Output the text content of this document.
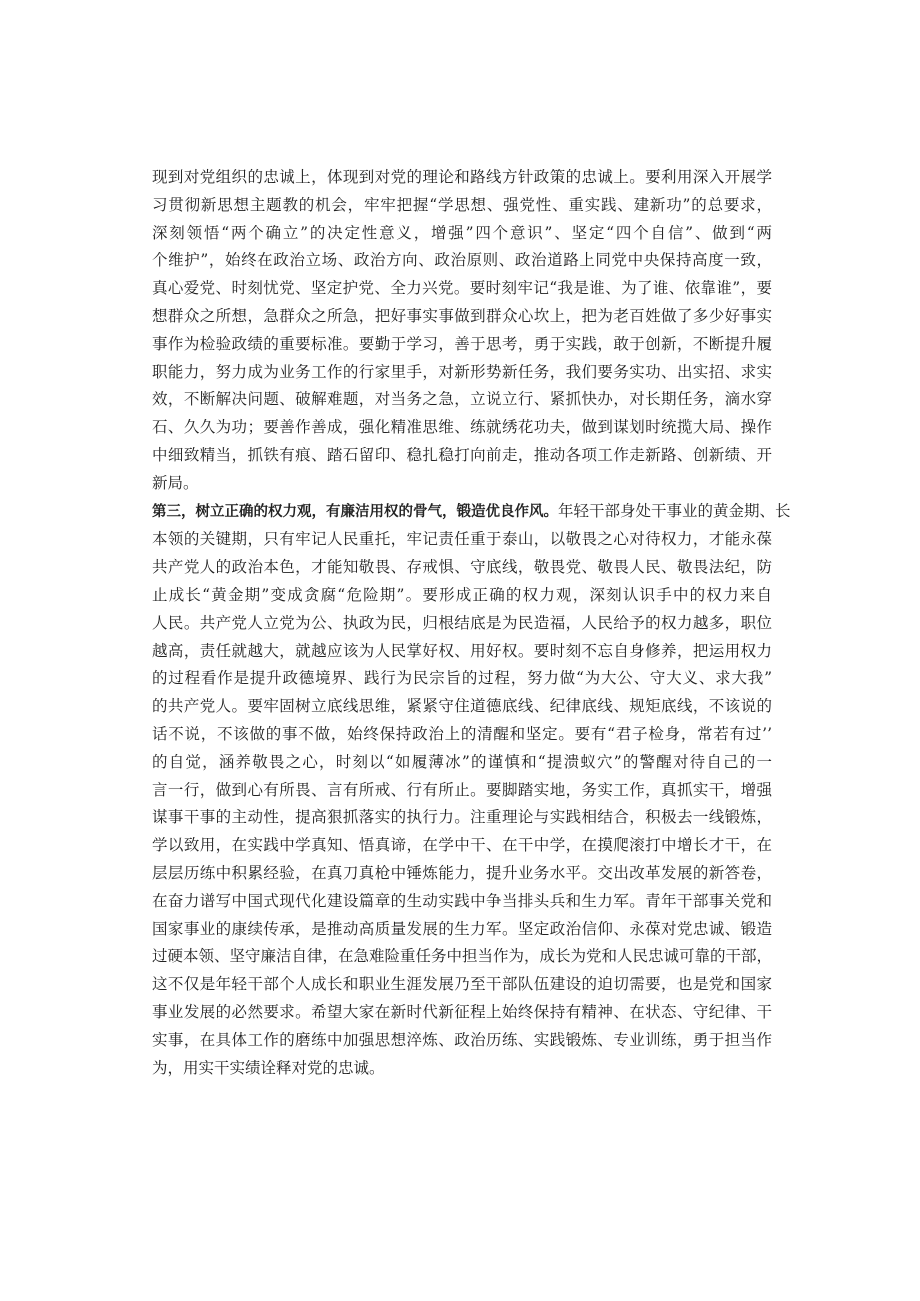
现到对党组织的忠诚上，体现到对党的理论和路线方针政策的忠诚上。要利用深入开展学
习贯彻新思想主题教的机会，牢牢把握“学思想、强党性、重实践、建新功”的总要求，
深刻领悟“两个确立”的决定性意义，增强”四个意识”、坚定“四个自信”、做到“两
个维护”，始终在政治立场、政治方向、政治原则、政治道路上同党中央保持高度一致，
真心爱党、时刻忧党、坚定护党、全力兴党。要时刻牢记“我是谁、为了谁、依靠谁”，要
想群众之所想，急群众之所急，把好事实事做到群众心坎上，把为老百姓做了多少好事实
事作为检验政绩的重要标准。要勤于学习，善于思考，勇于实践，敢于创新，不断提升履
职能力，努力成为业务工作的行家里手，对新形势新任务，我们要务实功、出实招、求实
效，不断解决问题、破解难题，对当务之急，立说立行、紧抓快办，对长期任务，滴水穿
石、久久为功；要善作善成，强化精准思维、练就绣花功夫，做到谋划时统揽大局、操作
中细致精当，抓铁有痕、踏石留印、稳扎稳打向前走，推动各项工作走新路、创新绩、开
新局。
第三，树立正确的权力观，有廉洁用权的骨气，锻造优良作风。年轻干部身处干事业的黄金期、长
本领的关键期，只有牢记人民重托，牢记责任重于泰山，以敬畏之心对待权力，才能永葆
共产党人的政治本色，才能知敬畏、存戒惧、守底线，敬畏党、敬畏人民、敬畏法纪，防
止成长“黄金期”变成贪腐“危险期”。要形成正确的权力观，深刻认识手中的权力来自
人民。共产党人立党为公、执政为民，归根结底是为民造福，人民给予的权力越多，职位
越高，责任就越大，就越应该为人民掌好权、用好权。要时刻不忘自身修养，把运用权力
的过程看作是提升政德境界、践行为民宗旨的过程，努力做“为大公、守大义、求大我”
的共产党人。要牢固树立底线思维，紧紧守住道德底线、纪律底线、规矩底线，不该说的
话不说，不该做的事不做，始终保持政治上的清醒和坚定。要有“君子检身，常若有过’’
的自觉，涵养敬畏之心，时刻以“如履薄冰”的谨慎和“提溃蚁穴”的警醒对待自己的一
言一行，做到心有所畏、言有所戒、行有所止。要脚踏实地，务实工作，真抓实干，增强
谋事干事的主动性，提高狠抓落实的执行力。注重理论与实践相结合，积极去一线锻炼，
学以致用，在实践中学真知、悟真谛，在学中干、在干中学，在摸爬滚打中增长才干，在
层层历练中积累经验，在真刀真枪中锤炼能力，提升业务水平。交出改革发展的新答卷，
在奋力谱写中国式现代化建设篇章的生动实践中争当排头兵和生力军。青年干部事关党和
国家事业的康续传承，是推动高质量发展的生力军。坚定政治信仰、永葆对党忠诚、锻造
过硬本领、坚守廉洁自律，在急难险重任务中担当作为，成长为党和人民忠诚可靠的干部，
这不仅是年轻干部个人成长和职业生涯发展乃至干部队伍建设的迫切需要，也是党和国家
事业发展的必然要求。希望大家在新时代新征程上始终保持有精神、在状态、守纪律、干
实事，在具体工作的磨练中加强思想淬炼、政治历练、实践锻炼、专业训练，勇于担当作
为，用实干实绩诠释对党的忠诚。
